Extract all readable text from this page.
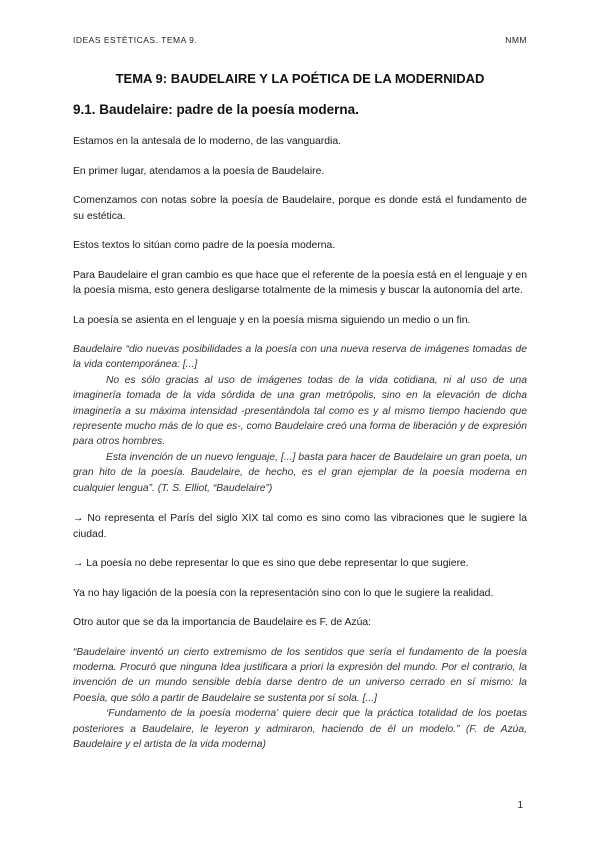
IDEAS ESTÉTICAS. TEMA 9.	NMM
TEMA 9: BAUDELAIRE Y LA POÉTICA DE LA MODERNIDAD
9.1. Baudelaire: padre de la poesía moderna.

Estamos en la antesala de lo moderno, de las vanguardia.

En primer lugar, atendamos a la poesía de Baudelaire.

Comenzamos con notas sobre la poesía de Baudelaire, porque es donde está el fundamento de su estética.

Estos textos lo sitúan como padre de la poesía moderna.

Para Baudelaire el gran cambio es que hace que el referente de la poesía está en el lenguaje y en la poesía misma, esto genera desligarse totalmente de la mimesis y buscar la autonomía del arte.

La poesía se asienta en el lenguaje y en la poesía misma siguiendo un medio o un fin.

Baudelaire “dio nuevas posibilidades a la poesía con una nueva reserva de imágenes tomadas de la vida contemporánea: [...]
No es sólo gracias al uso de imágenes todas de la vida cotidiana, ni al uso de una imaginería tomada de la vida sórdida de una gran metrópolis, sino en la elevación de dicha imaginería a su máxima intensidad -presentándola tal como es y al mismo tiempo haciendo que represente mucho más de lo que es-, como Baudelaire creó una forma de liberación y de expresión para otros hombres.
Esta invención de un nuevo lenguaje, [...] basta para hacer de Baudelaire un gran poeta, un gran hito de la poesía. Baudelaire, de hecho, es el gran ejemplar de la poesía moderna en cualquier lengua”. (T. S. Elliot, “Baudelaire”)

→ No representa el París del siglo XIX tal como es sino como las vibraciones que le sugiere la ciudad.

→ La poesía no debe representar lo que es sino que debe representar lo que sugiere.

Ya no hay ligación de la poesía con la representación sino con lo que le sugiere la realidad.

Otro autor que se da la importancia de Baudelaire es F. de Azúa:

“Baudelaire inventó un cierto extremismo de los sentidos que sería el fundamento de la poesía moderna. Procuró que ninguna Idea justificara a priori la expresión del mundo. Por el contrario, la invención de un mundo sensible debía darse dentro de un universo cerrado en sí mismo: la Poesía, que sólo a partir de Baudelaire se sustenta por sí sola. [...]
‘Fundamento de la poesía moderna’ quiere decir que la práctica totalidad de los poetas posteriores a Baudelaire, le leyeron y admiraron, haciendo de él un modelo.” (F. de Azúa, Baudelaire y el artista de la vida moderna)
1
